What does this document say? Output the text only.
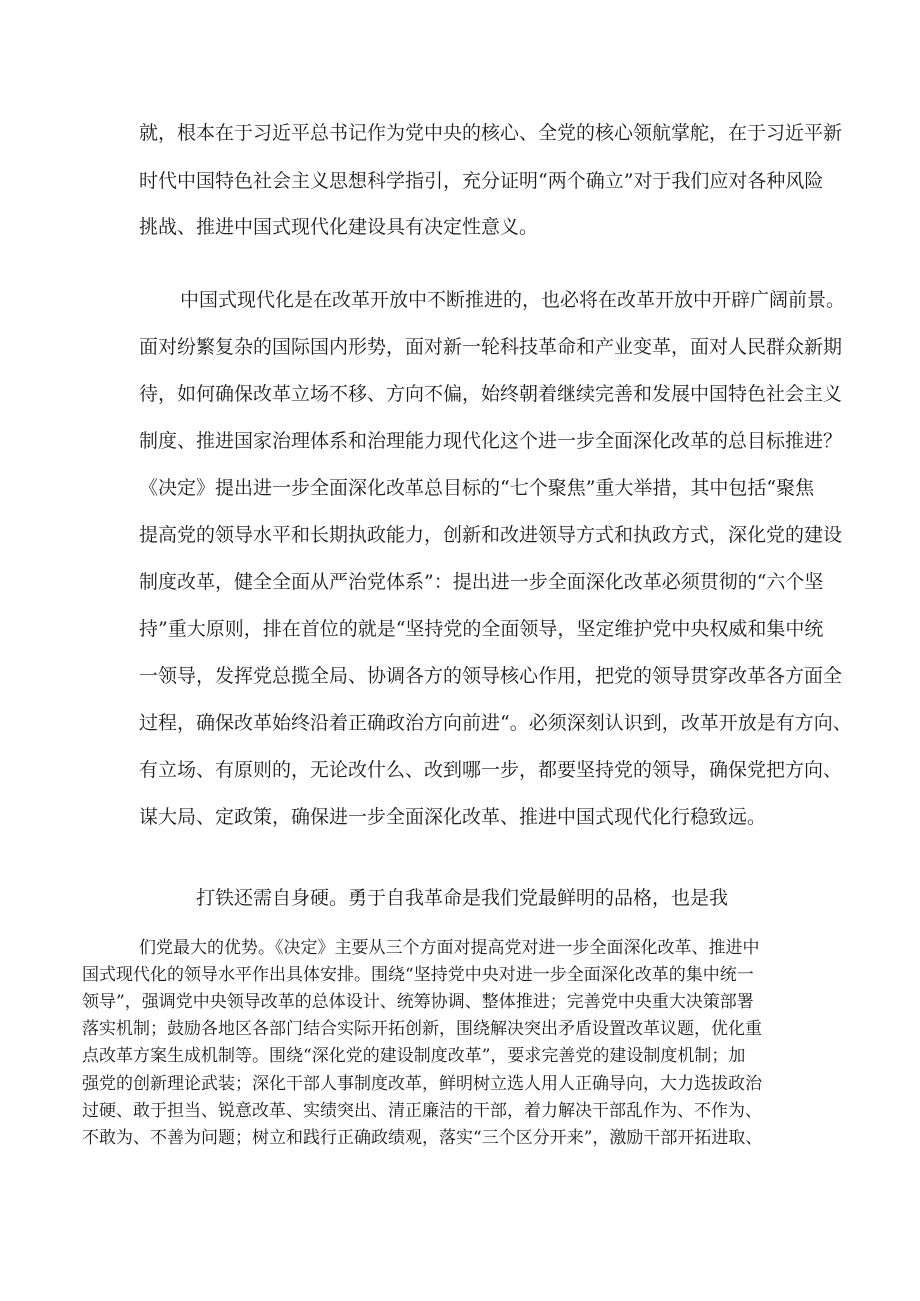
就，根本在于习近平总书记作为党中央的核心、全党的核心领航掌舵，在于习近平新
时代中国特色社会主义思想科学指引，充分证明“两个确立”对于我们应对各种风险
挑战、推进中国式现代化建设具有决定性意义。
中国式现代化是在改革开放中不断推进的，也必将在改革开放中开辟广阔前景。
面对纷繁复杂的国际国内形势，面对新一轮科技革命和产业变革，面对人民群众新期
待，如何确保改革立场不移、方向不偏，始终朝着继续完善和发展中国特色社会主义
制度、推进国家治理体系和治理能力现代化这个进一步全面深化改革的总目标推进？
《决定》提出进一步全面深化改革总目标的“七个聚焦”重大举措，其中包括“聚焦
提高党的领导水平和长期执政能力，创新和改进领导方式和执政方式，深化党的建设
制度改革，健全全面从严治党体系”：提出进一步全面深化改革必须贯彻的“六个坚
持”重大原则，排在首位的就是“坚持党的全面领导，坚定维护党中央权威和集中统
一领导，发挥党总揽全局、协调各方的领导核心作用，把党的领导贯穿改革各方面全
过程，确保改革始终沿着正确政治方向前进“。必须深刻认识到，改革开放是有方向、
有立场、有原则的，无论改什么、改到哪一步，都要坚持党的领导，确保党把方向、
谋大局、定政策，确保进一步全面深化改革、推进中国式现代化行稳致远。
打铁还需自身硬。勇于自我革命是我们党最鲜明的品格，也是我
们党最大的优势。《决定》主要从三个方面对提高党对进一步全面深化改革、推进中
国式现代化的领导水平作出具体安排。围绕“坚持党中央对进一步全面深化改革的集中统一
领导”，强调党中央领导改革的总体设计、统筹协调、整体推进；完善党中央重大决策部署
落实机制；鼓励各地区各部门结合实际开拓创新，围绕解决突出矛盾设置改革议题，优化重
点改革方案生成机制等。围绕“深化党的建设制度改革”，要求完善党的建设制度机制；加
强党的创新理论武装；深化干部人事制度改革，鲜明树立选人用人正确导向，大力选拔政治
过硬、敢于担当、锐意改革、实绩突出、清正廉洁的干部，着力解决干部乱作为、不作为、
不敢为、不善为问题；树立和践行正确政绩观，落实“三个区分开来”，激励干部开拓进取、
